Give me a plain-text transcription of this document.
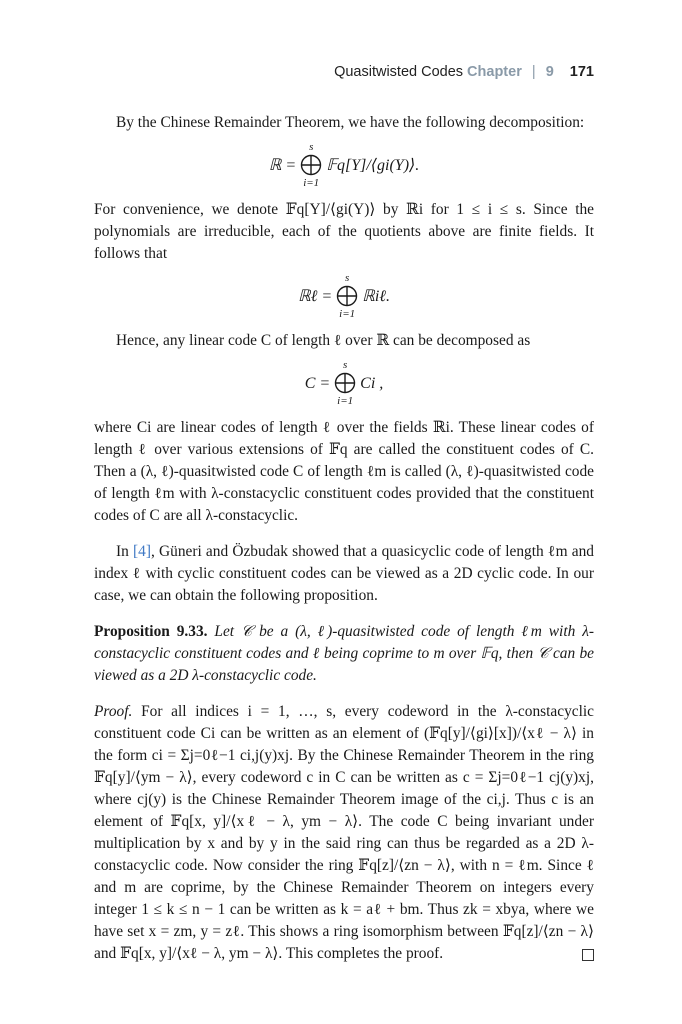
Quasitwisted Codes Chapter | 9 171

By the Chinese Remainder Theorem, we have the following decomposition:

ℝ =
s
i=1
𝔽q[Y]/⟨gi(Y)⟩.

For convenience, we denote 𝔽q[Y]/⟨gi(Y)⟩ by ℝi for 1 ≤ i ≤ s. Since the polynomials are irreducible, each of the quotients above are finite fields. It follows that

ℝℓ =
s
i=1
ℝiℓ.

Hence, any linear code C of length ℓ over ℝ can be decomposed as

C =
s
i=1
Ci ,

where Ci are linear codes of length ℓ over the fields ℝi. These linear codes of length ℓ over various extensions of 𝔽q are called the constituent codes of C. Then a (λ, ℓ)-quasitwisted code C of length ℓm is called (λ, ℓ)-quasitwisted code of length ℓm with λ-constacyclic constituent codes provided that the constituent codes of C are all λ-constacyclic.

In [4], Güneri and Özbudak showed that a quasicyclic code of length ℓm and index ℓ with cyclic constituent codes can be viewed as a 2D cyclic code. In our case, we can obtain the following proposition.

Proposition 9.33. Let 𝒞 be a (λ, ℓ)-quasitwisted code of length ℓm with λ-constacyclic constituent codes and ℓ being coprime to m over 𝔽q, then 𝒞 can be viewed as a 2D λ-constacyclic code.

Proof. For all indices i = 1, …, s, every codeword in the λ-constacyclic constituent code Ci can be written as an element of (𝔽q[y]/⟨gi⟩[x])/⟨xℓ − λ⟩ in the form ci = Σj=0ℓ−1 ci,j(y)xj. By the Chinese Remainder Theorem in the ring 𝔽q[y]/⟨ym − λ⟩, every codeword c in C can be written as c = Σj=0ℓ−1 cj(y)xj, where cj(y) is the Chinese Remainder Theorem image of the ci,j. Thus c is an element of 𝔽q[x, y]/⟨xℓ − λ, ym − λ⟩. The code C being invariant under multiplication by x and by y in the said ring can thus be regarded as a 2D λ-constacyclic code. Now consider the ring 𝔽q[z]/⟨zn − λ⟩, with n = ℓm. Since ℓ and m are coprime, by the Chinese Remainder Theorem on integers every integer 1 ≤ k ≤ n − 1 can be written as k = aℓ + bm. Thus zk = xbya, where we have set x = zm, y = zℓ. This shows a ring isomorphism between 𝔽q[z]/⟨zn − λ⟩ and 𝔽q[x, y]/⟨xℓ − λ, ym − λ⟩. This completes the proof.
